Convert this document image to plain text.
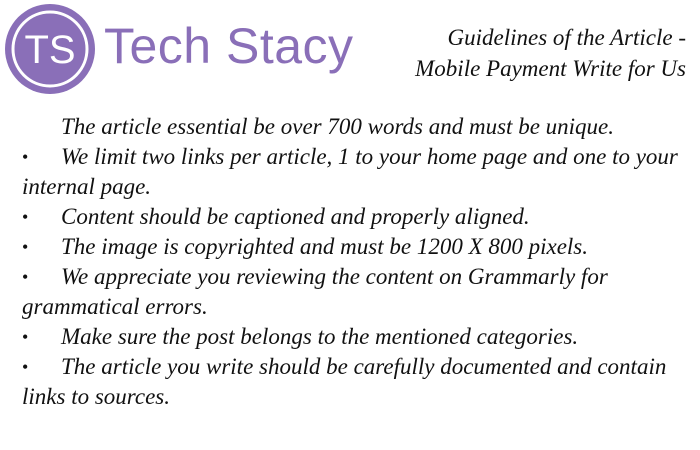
TS Tech Stacy	Guidelines of the Article -
Mobile Payment Write for Us

The article essential be over 700 words and must be unique.

• We limit two links per article, 1 to your home page and one to your internal page.

• Content should be captioned and properly aligned.

• The image is copyrighted and must be 1200 X 800 pixels.

• We appreciate you reviewing the content on Grammarly for grammatical errors.

• Make sure the post belongs to the mentioned categories.

• The article you write should be carefully documented and contain links to sources.
